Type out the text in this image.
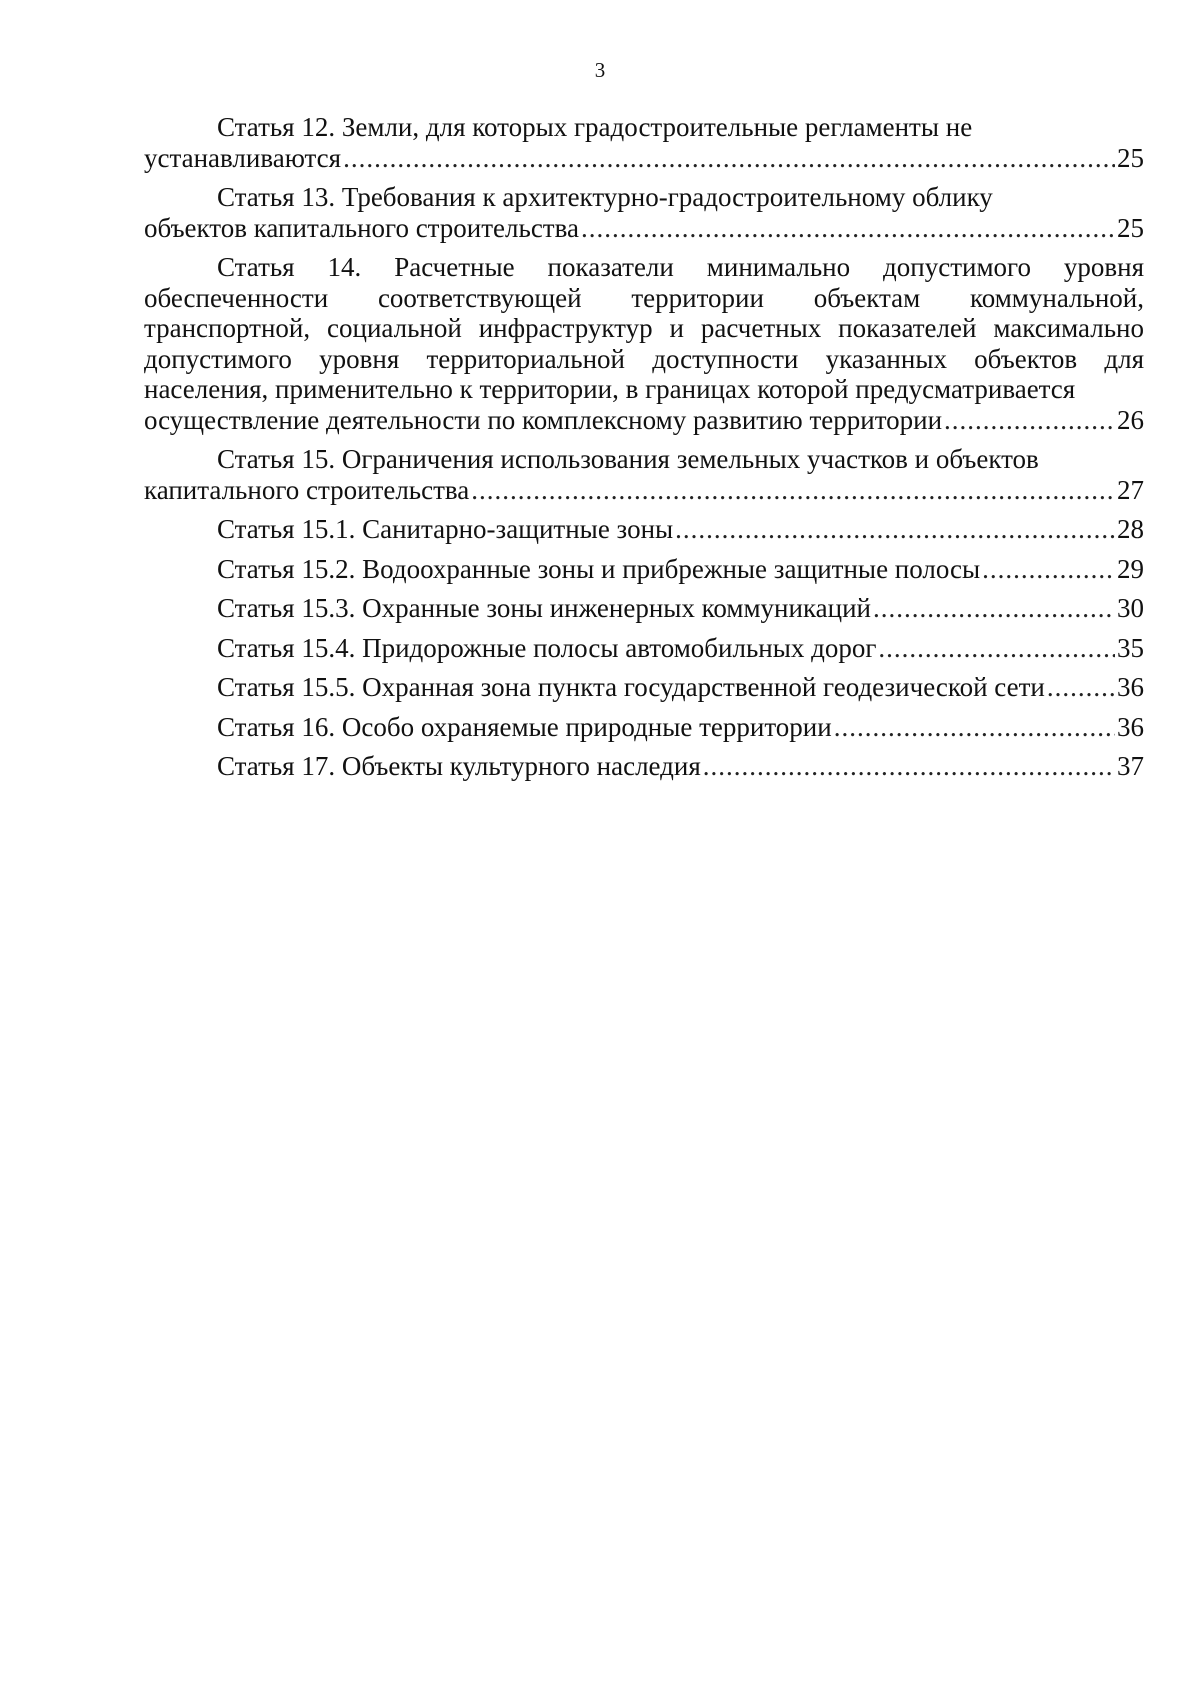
3

Статья 12. Земли, для которых градостроительные регламенты не

устанавливаются .....	25

Статья 13. Требования к архитектурно-градостроительному облику

объектов капитального строительства .....	25

Статья 14. Расчетные показатели минимально допустимого уровня обеспеченности соответствующей территории объектам коммунальной, транспортной, социальной инфраструктур и расчетных показателей максимально допустимого уровня территориальной доступности указанных объектов для населения, применительно к территории, в границах которой предусматривается

осуществление деятельности по комплексному развитию территории .....	26

Статья 15. Ограничения использования земельных участков и объектов

капитального строительства .....	27
Статья 15.1. Санитарно-защитные зоны .....	28
Статья 15.2. Водоохранные зоны и прибрежные защитные полосы .....	29
Статья 15.3. Охранные зоны инженерных коммуникаций .....	30
Статья 15.4. Придорожные полосы автомобильных дорог .....	35
Статья 15.5. Охранная зона пункта государственной геодезической сети .....	36
Статья 16. Особо охраняемые природные территории .....	36
Статья 17. Объекты культурного наследия .....	37
